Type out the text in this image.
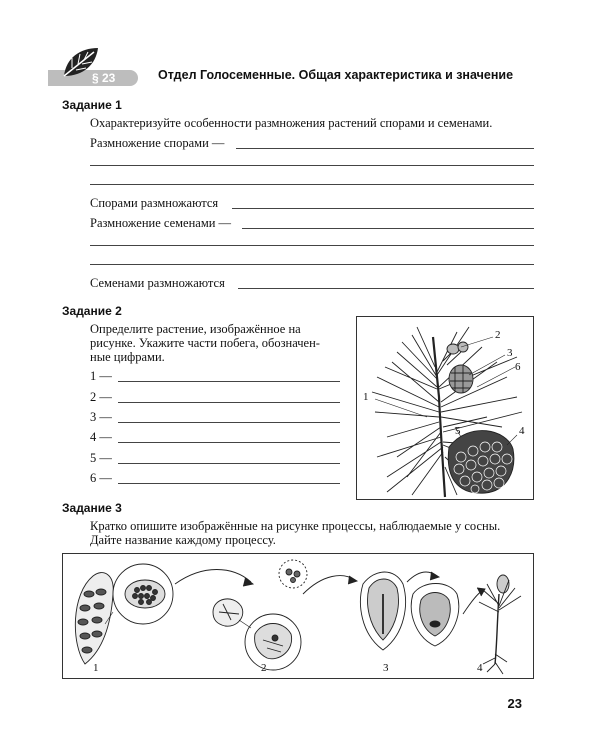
§ 23	Отдел Голосеменные. Общая характеристика и значение
Задание 1
Охарактеризуйте особенности размножения растений спорами и семенами.
Размножение спорами —
Спорами размножаются
Размножение семенами —
Семенами размножаются
Задание 2
Определите растение, изображённое на
рисунке. Укажите части побега, обозначен-
ные цифрами.
1 —
2 —
3 —
4 —
5 —
6 —
2
3
6
1
5	4
Задание 3
Кратко опишите изображённые на рисунке процессы, наблюдаемые у сосны.
Дайте название каждому процессу.
1	2	3	4
23
